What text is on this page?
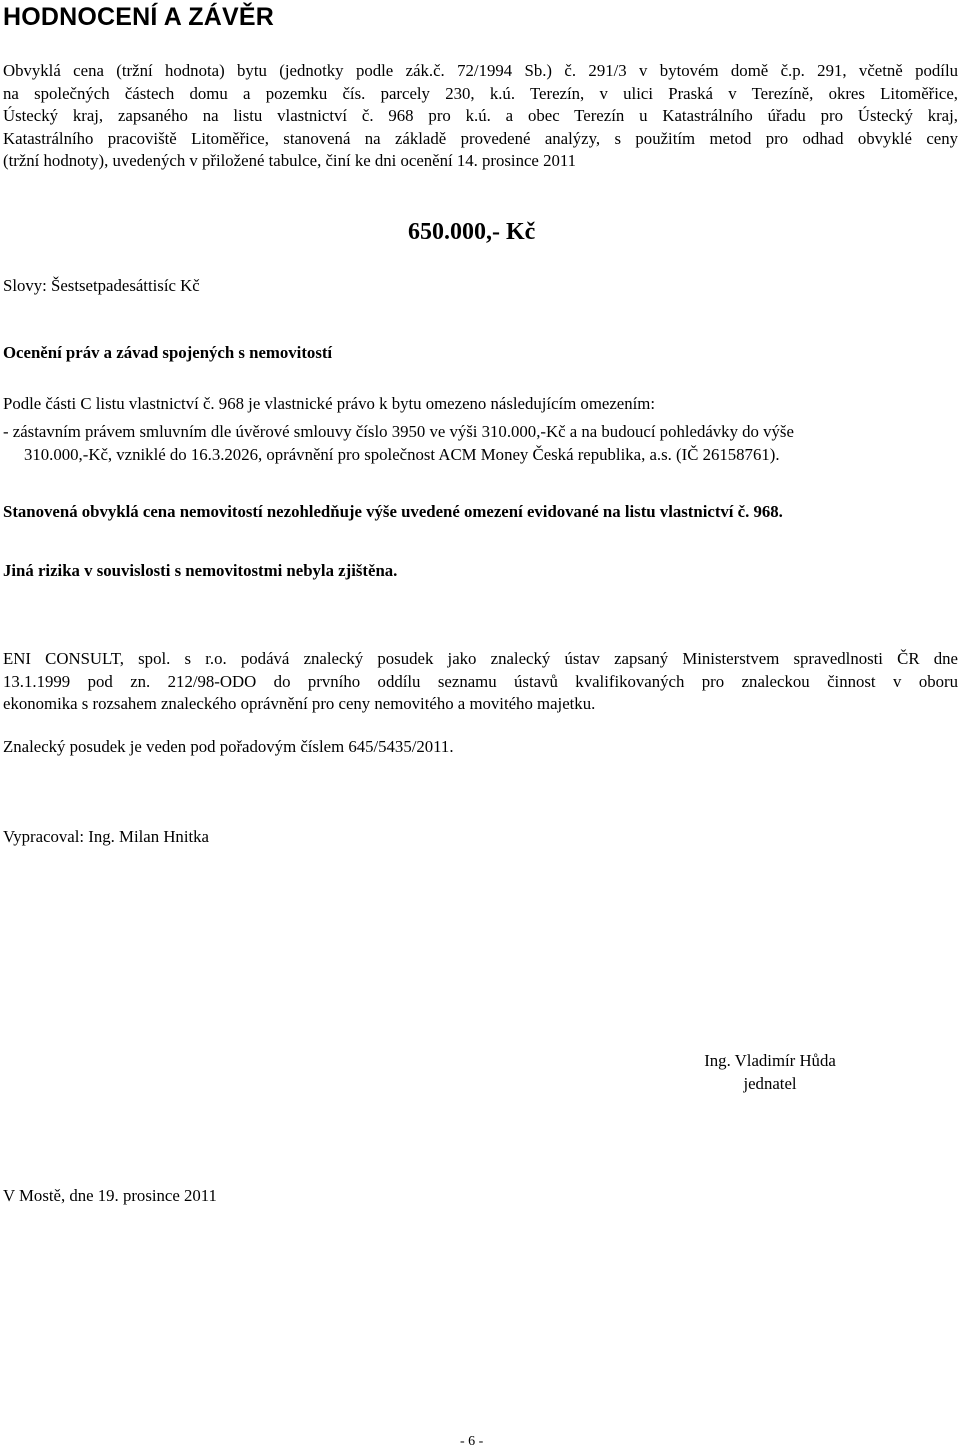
HODNOCENÍ A ZÁVĚR

Obvyklá cena (tržní hodnota) bytu (jednotky podle zák.č. 72/1994 Sb.) č. 291/3 v bytovém domě č.p. 291, včetně podílu
na společných částech domu a pozemku čís. parcely 230, k.ú. Terezín, v ulici Praská v Terezíně, okres Litoměřice,
Ústecký kraj, zapsaného na listu vlastnictví č. 968 pro k.ú. a obec Terezín u Katastrálního úřadu pro Ústecký kraj,
Katastrálního pracoviště Litoměřice, stanovená na základě provedené analýzy, s použitím metod pro odhad obvyklé ceny
(tržní hodnoty), uvedených v přiložené tabulce, činí ke dni ocenění 14. prosince 2011

650.000,- Kč
Slovy: Šestsetpadesáttisíc Kč
Ocenění práv a závad spojených s nemovitostí

Podle části C listu vlastnictví č. 968 je vlastnické právo k bytu omezeno následujícím omezením:

- zástavním právem smluvním dle úvěrové smlouvy číslo 3950 ve výši 310.000,-Kč a na budoucí pohledávky do výše
310.000,-Kč, vzniklé do 16.3.2026, oprávnění pro společnost ACM Money Česká republika, a.s. (IČ 26158761).
Stanovená obvyklá cena nemovitostí nezohledňuje výše uvedené omezení evidované na listu vlastnictví č. 968.
Jiná rizika v souvislosti s nemovitostmi nebyla zjištěna.

ENI CONSULT, spol. s r.o. podává znalecký posudek jako znalecký ústav zapsaný Ministerstvem spravedlnosti ČR dne
13.1.1999 pod zn. 212/98-ODO do prvního oddílu seznamu ústavů kvalifikovaných pro znaleckou činnost v oboru
ekonomika s rozsahem znaleckého oprávnění pro ceny nemovitého a movitého majetku.

Znalecký posudek je veden pod pořadovým číslem 645/5435/2011.

Vypracoval: Ing. Milan Hnitka

Ing. Vladimír Hůda
jednatel

V Mostě, dne 19. prosince 2011

- 6 -
